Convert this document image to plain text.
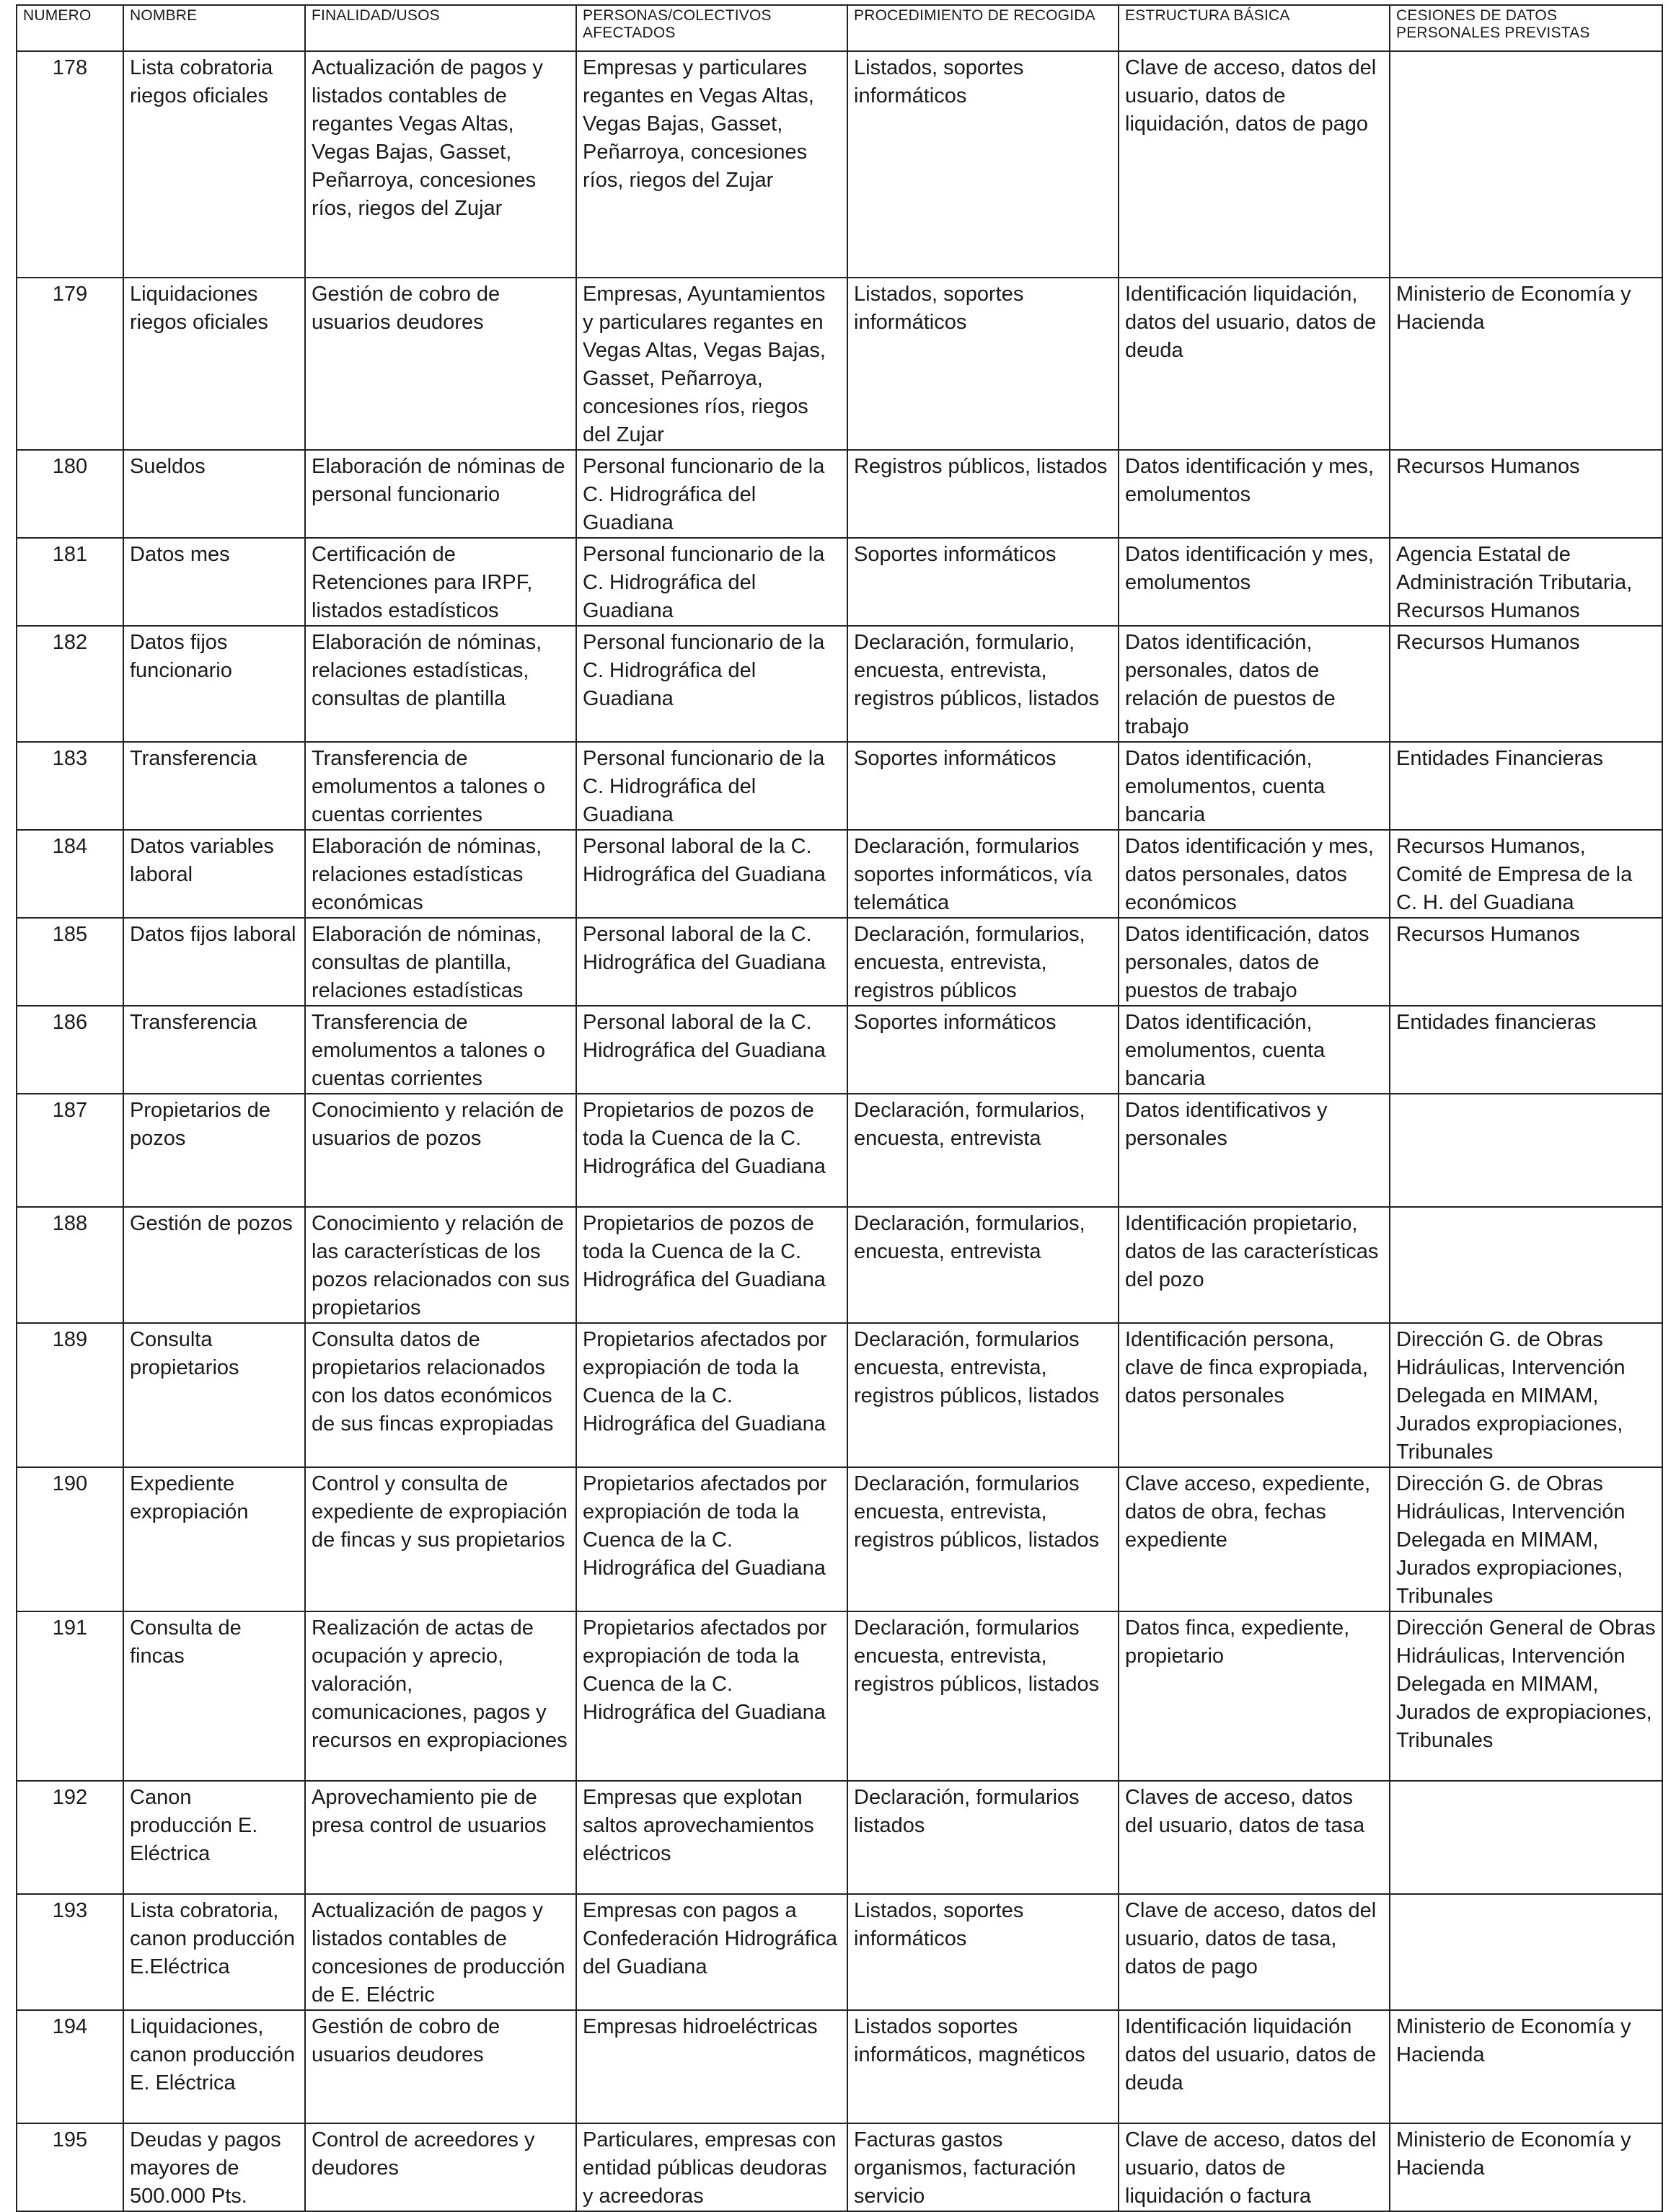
NUMERO	NOMBRE	FINALIDAD/USOS	PERSONAS/COLECTIVOS AFECTADOS	PROCEDIMIENTO DE RECOGIDA	ESTRUCTURA BÁSICA	CESIONES DE DATOS PERSONALES PREVISTAS
178	Lista cobratoria riegos oficiales	Actualización de pagos y listados contables de regantes Vegas Altas, Vegas Bajas, Gasset, Peñarroya, concesiones ríos, riegos del Zujar	Empresas y particulares regantes en Vegas Altas, Vegas Bajas, Gasset, Peñarroya, concesiones ríos, riegos del Zujar	Listados, soportes informáticos	Clave de acceso, datos del usuario, datos de liquidación, datos de pago	
179	Liquidaciones riegos oficiales	Gestión de cobro de usuarios deudores	Empresas, Ayuntamientos y particulares regantes en Vegas Altas, Vegas Bajas, Gasset, Peñarroya, concesiones ríos, riegos del Zujar	Listados, soportes informáticos	Identificación liquidación, datos del usuario, datos de deuda	Ministerio de Economía y Hacienda
180	Sueldos	Elaboración de nóminas de personal funcionario	Personal funcionario de la C. Hidrográfica del Guadiana	Registros públicos, listados	Datos identificación y mes, emolumentos	Recursos Humanos
181	Datos mes	Certificación de Retenciones para IRPF, listados estadísticos	Personal funcionario de la C. Hidrográfica del Guadiana	Soportes informáticos	Datos identificación y mes, emolumentos	Agencia Estatal de Administración Tributaria, Recursos Humanos
182	Datos fijos funcionario	Elaboración de nóminas, relaciones estadísticas, consultas de plantilla	Personal funcionario de la C. Hidrográfica del Guadiana	Declaración, formulario, encuesta, entrevista, registros públicos, listados	Datos identificación, personales, datos de relación de puestos de trabajo	Recursos Humanos
183	Transferencia	Transferencia de emolumentos a talones o cuentas corrientes	Personal funcionario de la C. Hidrográfica del Guadiana	Soportes informáticos	Datos identificación, emolumentos, cuenta bancaria	Entidades Financieras
184	Datos variables laboral	Elaboración de nóminas, relaciones estadísticas económicas	Personal laboral de la C. Hidrográfica del Guadiana	Declaración, formularios soportes informáticos, vía telemática	Datos identificación y mes, datos personales, datos económicos	Recursos Humanos, Comité de Empresa de la C. H. del Guadiana
185	Datos fijos laboral	Elaboración de nóminas, consultas de plantilla, relaciones estadísticas	Personal laboral de la C. Hidrográfica del Guadiana	Declaración, formularios, encuesta, entrevista, registros públicos	Datos identificación, datos personales, datos de puestos de trabajo	Recursos Humanos
186	Transferencia	Transferencia de emolumentos a talones o cuentas corrientes	Personal laboral de la C. Hidrográfica del Guadiana	Soportes informáticos	Datos identificación, emolumentos, cuenta bancaria	Entidades financieras
187	Propietarios de pozos	Conocimiento y relación de usuarios de pozos	Propietarios de pozos de toda la Cuenca de la C. Hidrográfica del Guadiana	Declaración, formularios, encuesta, entrevista	Datos identificativos y personales	
188	Gestión de pozos	Conocimiento y relación de las características de los pozos relacionados con sus propietarios	Propietarios de pozos de toda la Cuenca de la C. Hidrográfica del Guadiana	Declaración, formularios, encuesta, entrevista	Identificación propietario, datos de las características del pozo	
189	Consulta propietarios	Consulta datos de propietarios relacionados con los datos económicos de sus fincas expropiadas	Propietarios afectados por expropiación de toda la Cuenca de la C. Hidrográfica del Guadiana	Declaración, formularios encuesta, entrevista, registros públicos, listados	Identificación persona, clave de finca expropiada, datos personales	Dirección G. de Obras Hidráulicas, Intervención Delegada en MIMAM, Jurados expropiaciones, Tribunales
190	Expediente expropiación	Control y consulta de expediente de expropiación de fincas y sus propietarios	Propietarios afectados por expropiación de toda la Cuenca de la C. Hidrográfica del Guadiana	Declaración, formularios encuesta, entrevista, registros públicos, listados	Clave acceso, expediente, datos de obra, fechas expediente	Dirección G. de Obras Hidráulicas, Intervención Delegada en MIMAM, Jurados expropiaciones, Tribunales
191	Consulta de fincas	Realización de actas de ocupación y aprecio, valoración, comunicaciones, pagos y recursos en expropiaciones	Propietarios afectados por expropiación de toda la Cuenca de la C. Hidrográfica del Guadiana	Declaración, formularios encuesta, entrevista, registros públicos, listados	Datos finca, expediente, propietario	Dirección General de Obras Hidráulicas, Intervención Delegada en MIMAM, Jurados de expropiaciones, Tribunales
192	Canon producción E. Eléctrica	Aprovechamiento pie de presa control de usuarios	Empresas que explotan saltos aprovechamientos eléctricos	Declaración, formularios listados	Claves de acceso, datos del usuario, datos de tasa	
193	Lista cobratoria, canon producción E.Eléctrica	Actualización de pagos y listados contables de concesiones de producción de E. Eléctric	Empresas con pagos a Confederación Hidrográfica del Guadiana	Listados, soportes informáticos	Clave de acceso, datos del usuario, datos de tasa, datos de pago	
194	Liquidaciones, canon producción E. Eléctrica	Gestión de cobro de usuarios deudores	Empresas hidroeléctricas	Listados soportes informáticos, magnéticos	Identificación liquidación datos del usuario, datos de deuda	Ministerio de Economía y Hacienda
195	Deudas y pagos mayores de 500.000 Pts.	Control de acreedores y deudores	Particulares, empresas con entidad públicas deudoras y acreedoras	Facturas gastos organismos, facturación servicio	Clave de acceso, datos del usuario, datos de liquidación o factura	Ministerio de Economía y Hacienda
